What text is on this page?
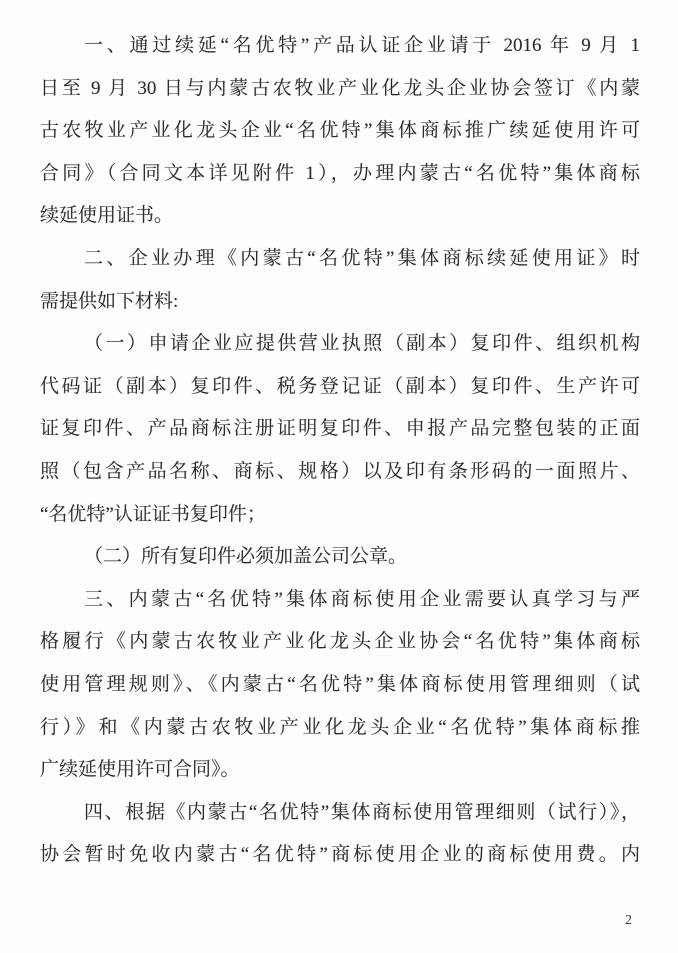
一、通过续延“名优特”产品认证企业请于 2016 年 9 月 1
日至 9 月 30 日与内蒙古农牧业产业化龙头企业协会签订《内蒙
古农牧业产业化龙头企业“名优特”集体商标推广续延使用许可
合同》（合同文本详见附件 1），办理内蒙古“名优特”集体商标
续延使用证书。
二、企业办理《内蒙古“名优特”集体商标续延使用证》时
需提供如下材料:
（一）申请企业应提供营业执照（副本）复印件、组织机构
代码证（副本）复印件、税务登记证（副本）复印件、生产许可
证复印件、产品商标注册证明复印件、申报产品完整包装的正面
照（包含产品名称、商标、规格）以及印有条形码的一面照片、
“名优特”认证证书复印件；
（二）所有复印件必须加盖公司公章。
三、内蒙古“名优特”集体商标使用企业需要认真学习与严
格履行《内蒙古农牧业产业化龙头企业协会“名优特”集体商标
使用管理规则》、《内蒙古“名优特”集体商标使用管理细则（试
行）》和《内蒙古农牧业产业化龙头企业“名优特”集体商标推
广续延使用许可合同》。
四、根据《内蒙古“名优特”集体商标使用管理细则（试行）》，
协会暂时免收内蒙古“名优特”商标使用企业的商标使用费。内
2
